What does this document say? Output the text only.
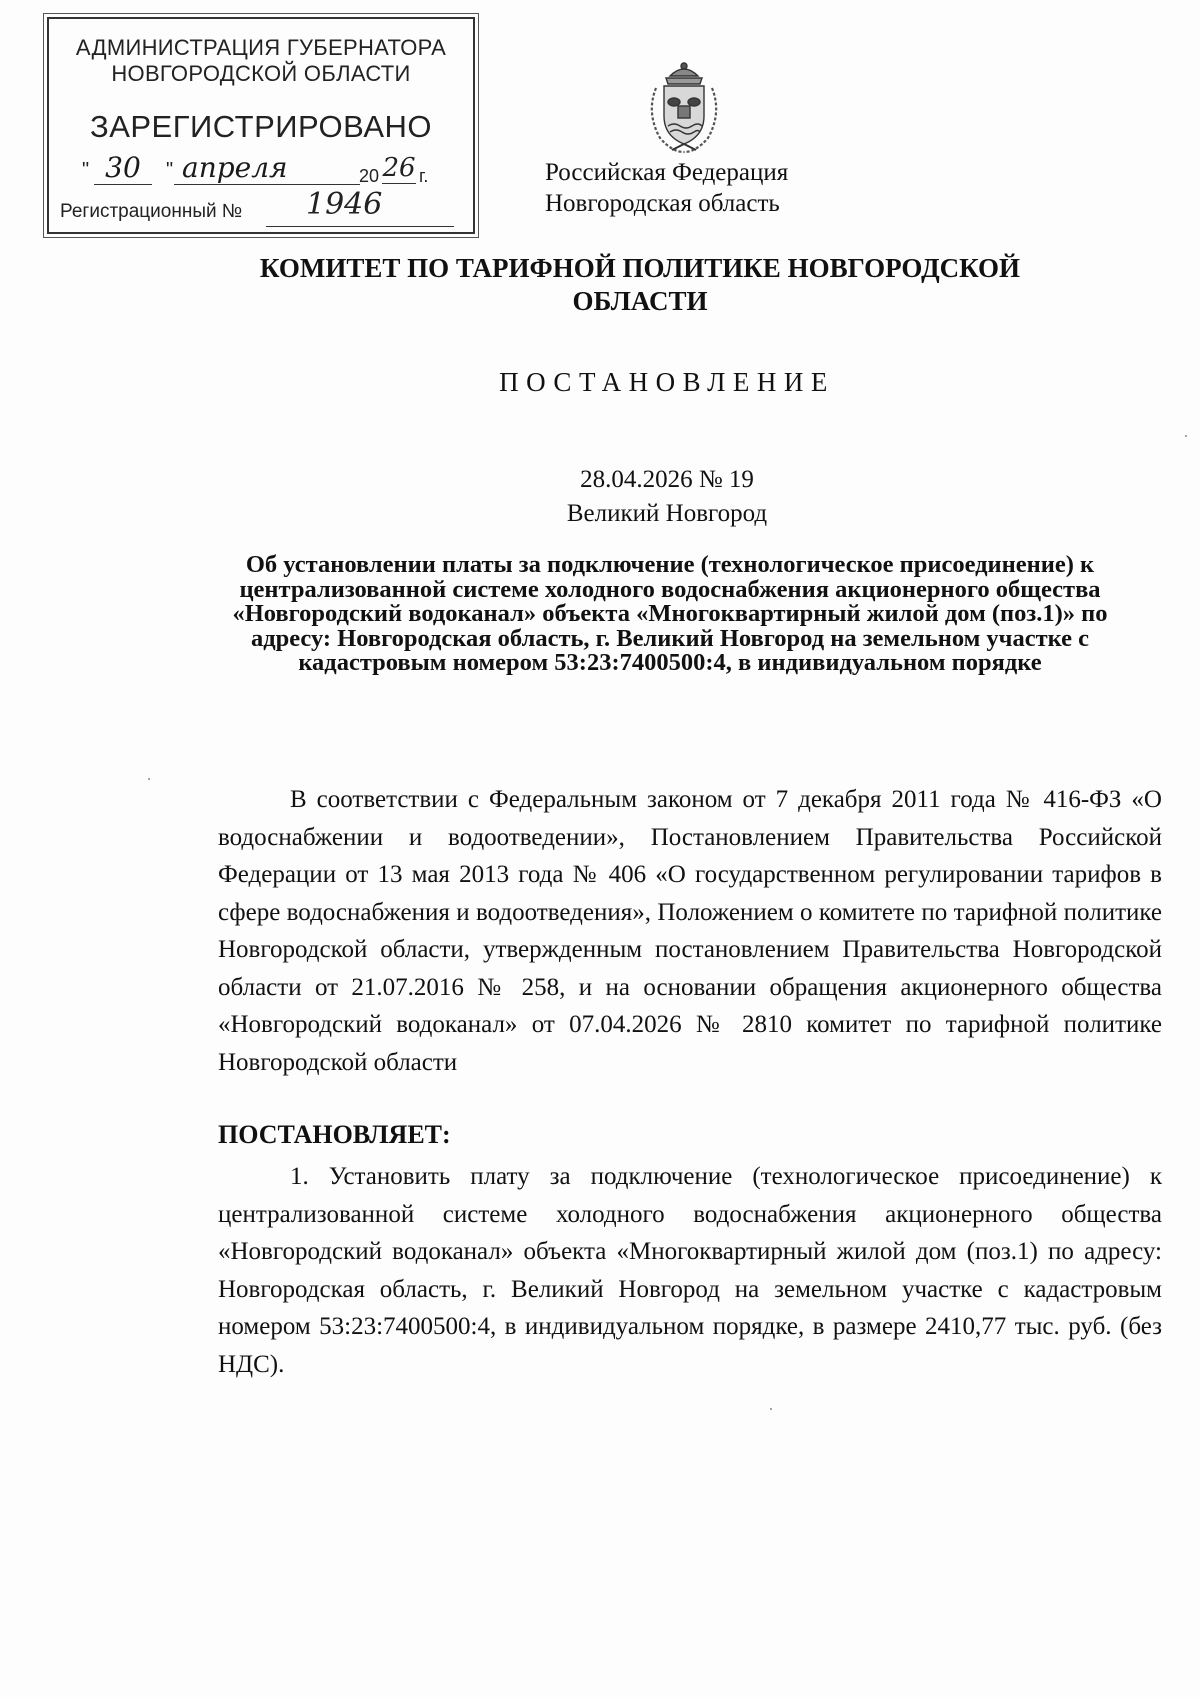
АДМИНИСТРАЦИЯ ГУБЕРНАТОРА
НОВГОРОДСКОЙ ОБЛАСТИ
ЗАРЕГИСТРИРОВАНО
" 30	" апреля	20 26 г.
Регистрационный №	1946
Российская Федерация
Новгородская область
КОМИТЕТ ПО ТАРИФНОЙ ПОЛИТИКЕ НОВГОРОДСКОЙ ОБЛАСТИ
ПОСТАНОВЛЕНИЕ
28.04.2026 № 19
Великий Новгород
Об установлении платы за подключение (технологическое присоединение) к централизованной системе холодного водоснабжения акционерного общества «Новгородский водоканал» объекта «Многоквартирный жилой дом (поз.1)» по адресу: Новгородская область, г. Великий Новгород на земельном участке с кадастровым номером 53:23:7400500:4, в индивидуальном порядке
В соответствии с Федеральным законом от 7 декабря 2011 года № 416-ФЗ «О водоснабжении и водоотведении», Постановлением Правительства Российской Федерации от 13 мая 2013 года № 406 «О государственном регулировании тарифов в сфере водоснабжения и водоотведения», Положением о комитете по тарифной политике Новгородской области, утвержденным постановлением Правительства Новгородской области от 21.07.2016 № 258, и на основании обращения акционерного общества «Новгородский водоканал» от 07.04.2026 № 2810 комитет по тарифной политике Новгородской области
ПОСТАНОВЛЯЕТ:
1. Установить плату за подключение (технологическое присоединение) к централизованной системе холодного водоснабжения акционерного общества «Новгородский водоканал» объекта «Многоквартирный жилой дом (поз.1) по адресу: Новгородская область, г. Великий Новгород на земельном участке с кадастровым номером 53:23:7400500:4, в индивидуальном порядке, в размере 2410,77 тыс. руб. (без НДС).
